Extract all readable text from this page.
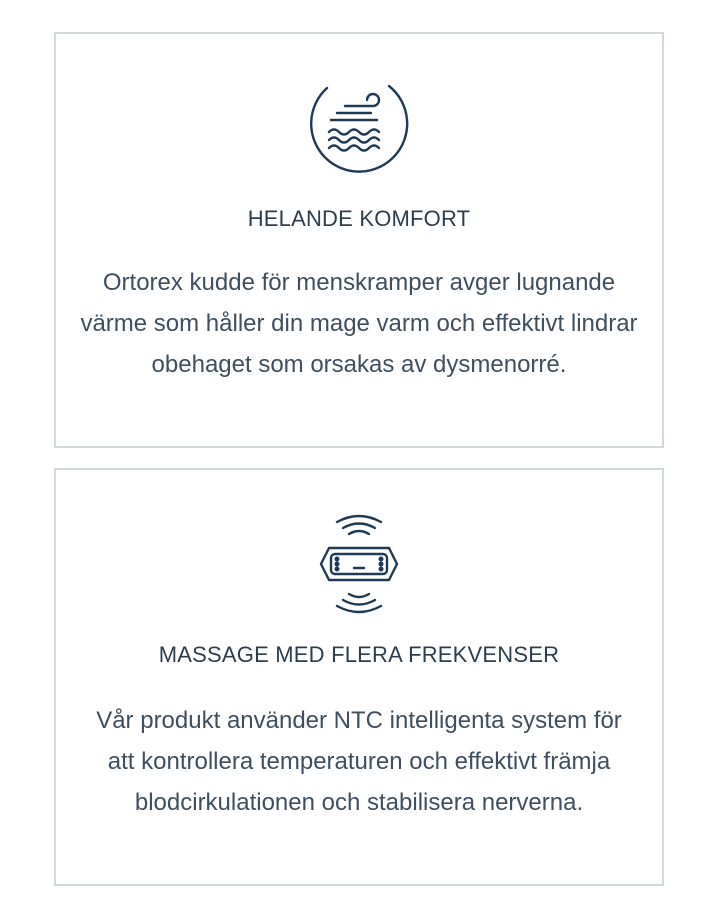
HELANDE KOMFORT

Ortorex kudde för menskramper avger lugnande värme som håller din mage varm och effektivt lindrar obehaget som orsakas av dysmenorré.

MASSAGE MED FLERA FREKVENSER

Vår produkt använder NTC intelligenta system för att kontrollera temperaturen och effektivt främja blodcirkulationen och stabilisera nerverna.
